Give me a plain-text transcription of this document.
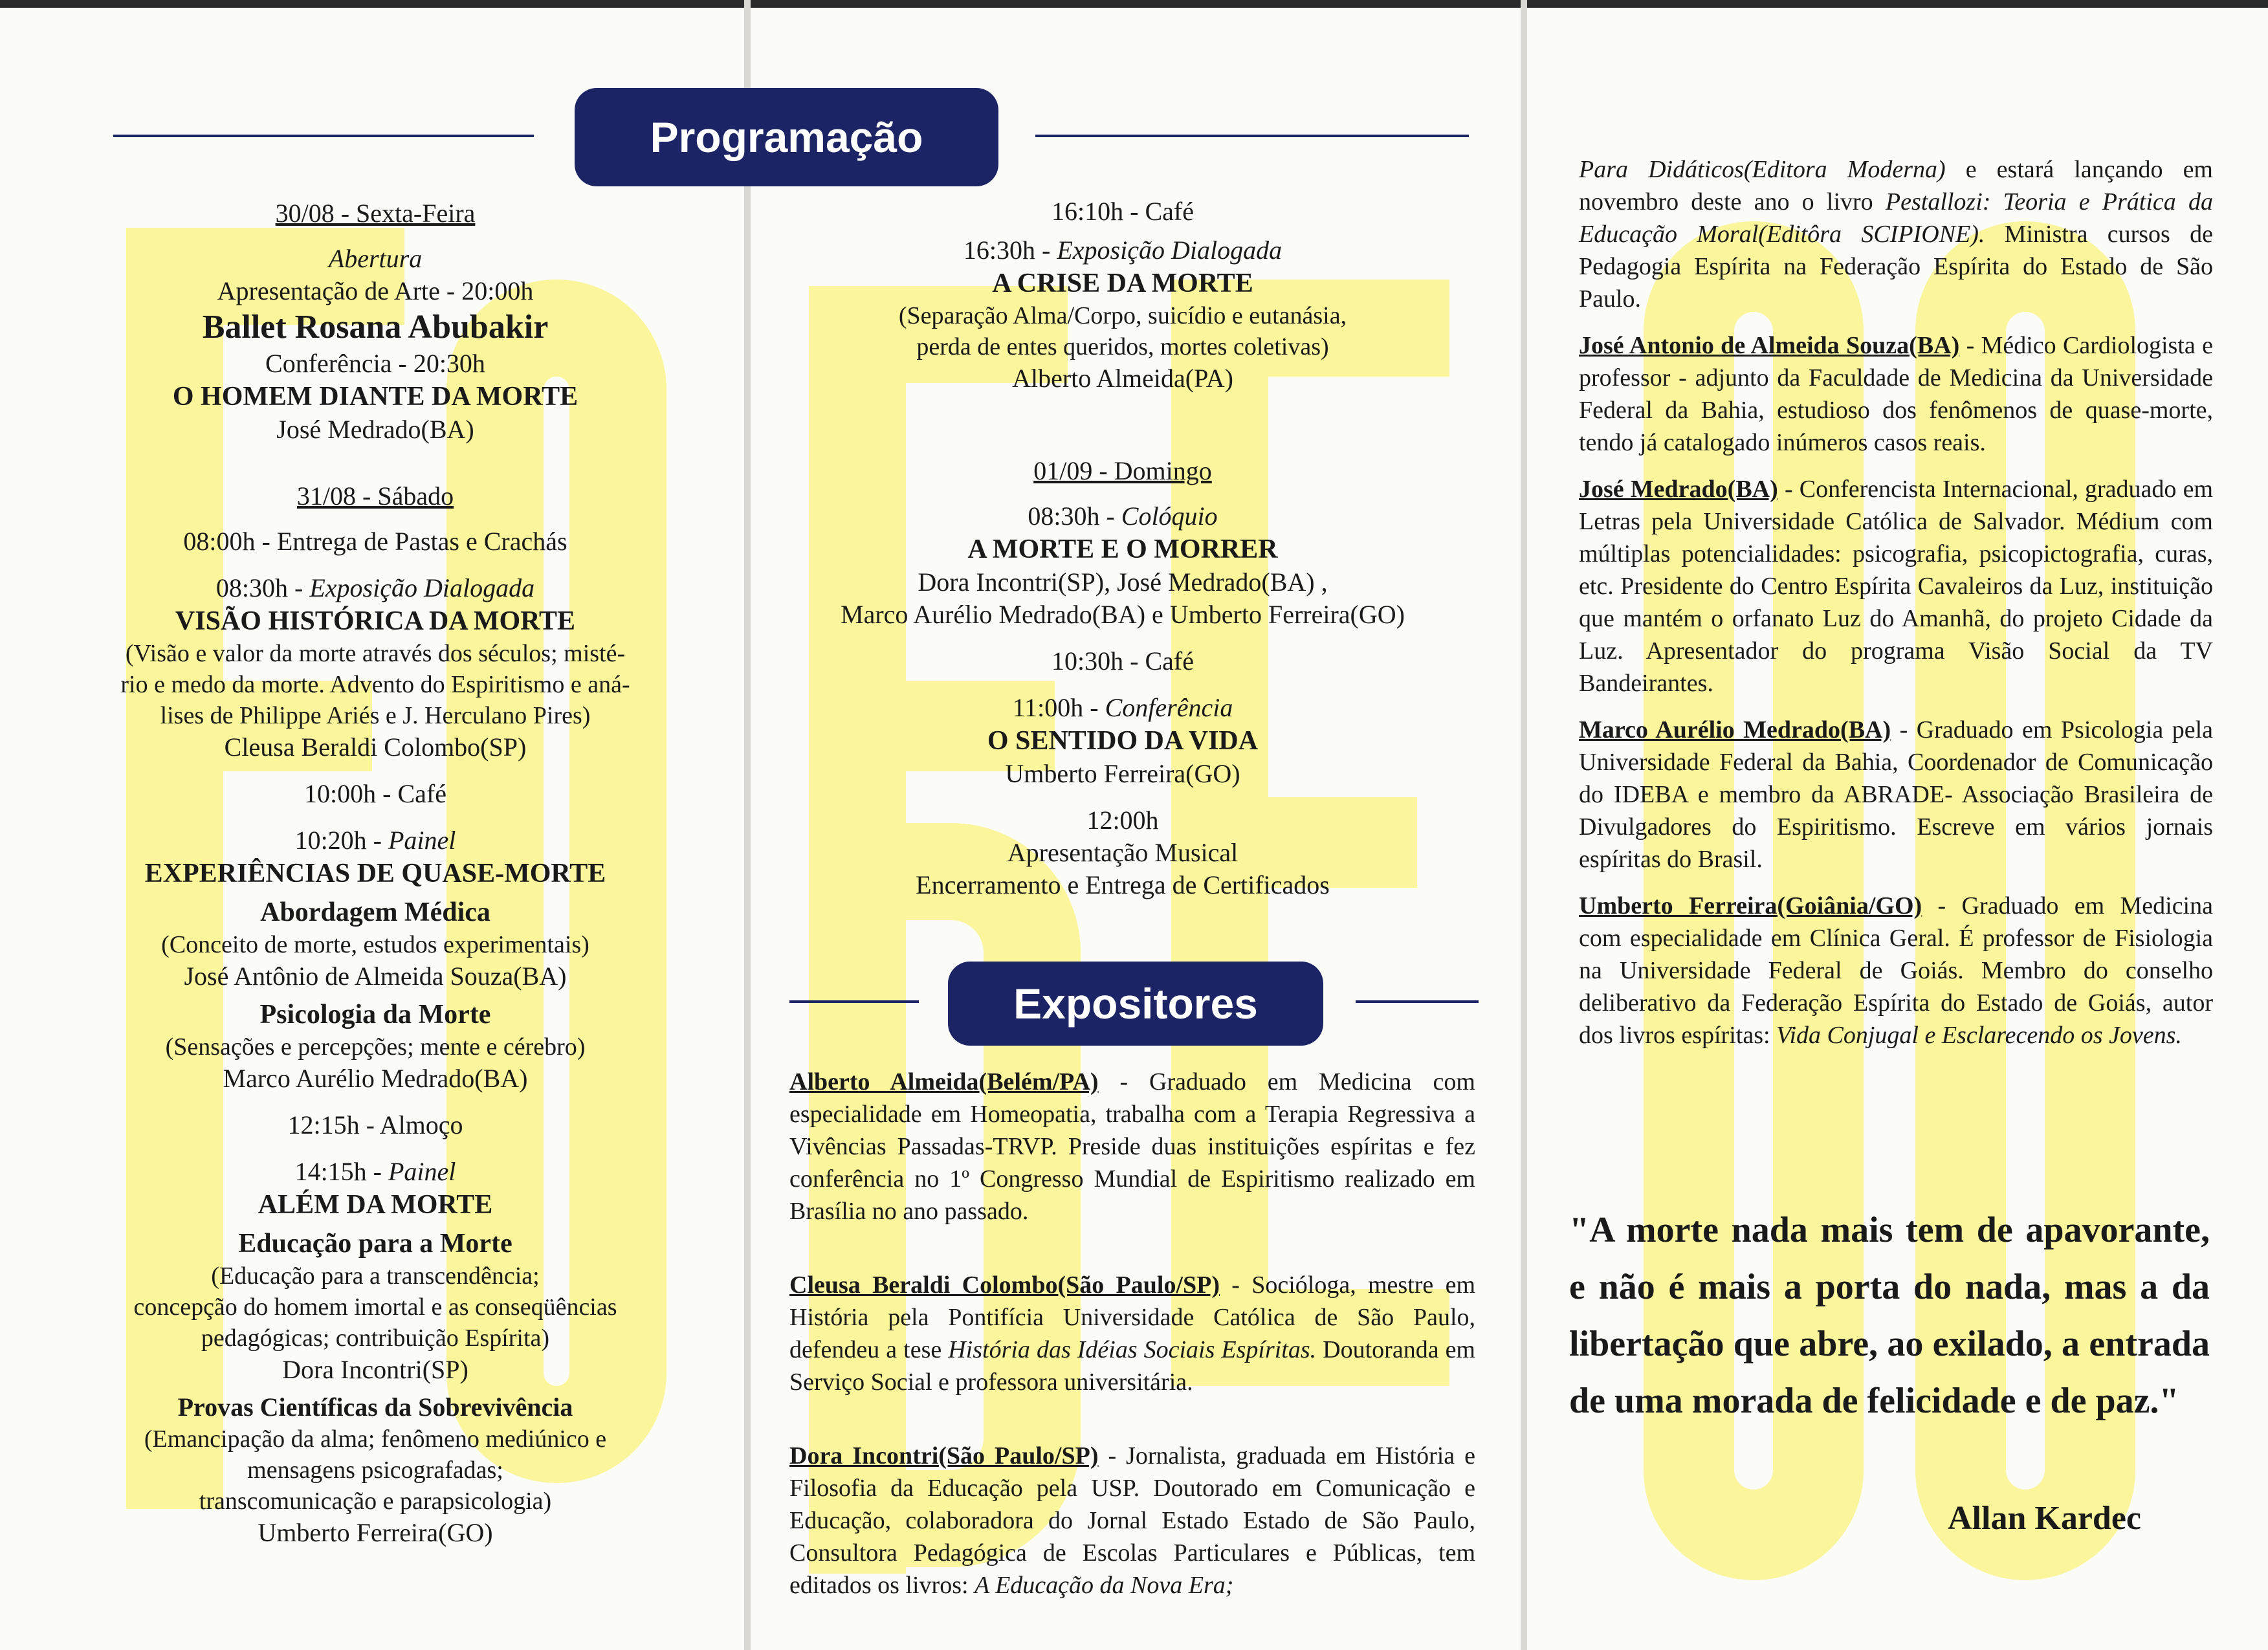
30/08 - Sexta-Feira

Abertura

Apresentação de Arte - 20:00h

Ballet Rosana Abubakir

Conferência - 20:30h

O HOMEM DIANTE DA MORTE

José Medrado(BA)

31/08 - Sábado

08:00h - Entrega de Pastas e Crachás

08:30h - Exposição Dialogada

VISÃO HISTÓRICA DA MORTE

(Visão e valor da morte através dos séculos; misté-

rio e medo da morte. Advento do Espiritismo e aná-

lises de Philippe Ariés e J. Herculano Pires)

Cleusa Beraldi Colombo(SP)

10:00h - Café

10:20h - Painel

EXPERIÊNCIAS DE QUASE-MORTE

Abordagem Médica

(Conceito de morte, estudos experimentais)

José Antônio de Almeida Souza(BA)

Psicologia da Morte

(Sensações e percepções; mente e cérebro)

Marco Aurélio Medrado(BA)

12:15h - Almoço

14:15h - Painel

ALÉM DA MORTE

Educação para a Morte

(Educação para a transcendência;

concepção do homem imortal e as conseqüências

pedagógicas; contribuição Espírita)

Dora Incontri(SP)

Provas Científicas da Sobrevivência

(Emancipação da alma; fenômeno mediúnico e

mensagens psicografadas;

transcomunicação e parapsicologia)

Umberto Ferreira(GO)

16:10h - Café

16:30h - Exposição Dialogada

A CRISE DA MORTE

(Separação Alma/Corpo, suicídio e eutanásia,

perda de entes queridos, mortes coletivas)

Alberto Almeida(PA)

01/09 - Domingo

08:30h - Colóquio

A MORTE E O MORRER

Dora Incontri(SP), José Medrado(BA) ,

Marco Aurélio Medrado(BA) e Umberto Ferreira(GO)

10:30h - Café

11:00h - Conferência

O SENTIDO DA VIDA

Umberto Ferreira(GO)

12:00h

Apresentação Musical

Encerramento e Entrega de Certificados

Expositores

Alberto Almeida(Belém/PA) - Graduado em Medicina com especialidade em Homeopatia, trabalha com a Terapia Regressiva a Vivências Passadas-TRVP. Preside duas instituições espíritas e fez conferência no 1º Congresso Mundial de Espiritismo realizado em Brasília no ano passado.

Cleusa Beraldi Colombo(São Paulo/SP) - Socióloga, mestre em História pela Pontifícia Universidade Católica de São Paulo, defendeu a tese História das Idéias Sociais Espíritas. Doutoranda em Serviço Social e professora universitária.

Dora Incontri(São Paulo/SP) - Jornalista, graduada em História e Filosofia da Educação pela USP. Doutorado em Comunicação e Educação, colaboradora do Jornal Estado Estado de São Paulo, Consultora Pedagógica de Escolas Particulares e Públicas, tem editados os livros: A Educação da Nova Era;

Programação

Para Didáticos(Editora Moderna) e estará lançando em novembro deste ano o livro Pestallozi: Teoria e Prática da Educação Moral(Editôra SCIPIONE). Ministra cursos de Pedagogia Espírita na Federação Espírita do Estado de São Paulo.

José Antonio de Almeida Souza(BA) - Médico Cardiologista e professor - adjunto da Faculdade de Medicina da Universidade Federal da Bahia, estudioso dos fenômenos de quase-morte, tendo já catalogado inúmeros casos reais.

José Medrado(BA) - Conferencista Internacional, graduado em Letras pela Universidade Católica de Salvador. Médium com múltiplas potencialidades: psicografia, psicopictografia, curas, etc. Presidente do Centro Espírita Cavaleiros da Luz, instituição que mantém o orfanato Luz do Amanhã, do projeto Cidade da Luz. Apresentador do programa Visão Social da TV Bandeirantes.

Marco Aurélio Medrado(BA) - Graduado em Psicologia pela Universidade Federal da Bahia, Coordenador de Comunicação do IDEBA e membro da ABRADE- Associação Brasileira de Divulgadores do Espiritismo. Escreve em vários jornais espíritas do Brasil.

Umberto Ferreira(Goiânia/GO) - Graduado em Medicina com especialidade em Clínica Geral. É professor de Fisiologia na Universidade Federal de Goiás. Membro do conselho deliberativo da Federação Espírita do Estado de Goiás, autor dos livros espíritas: Vida Conjugal e Esclarecendo os Jovens.

"A morte nada mais tem de apavorante, e não é mais a porta do nada, mas a da libertação que abre, ao exilado, a entrada de uma morada de felicidade e de paz."
Allan Kardec
